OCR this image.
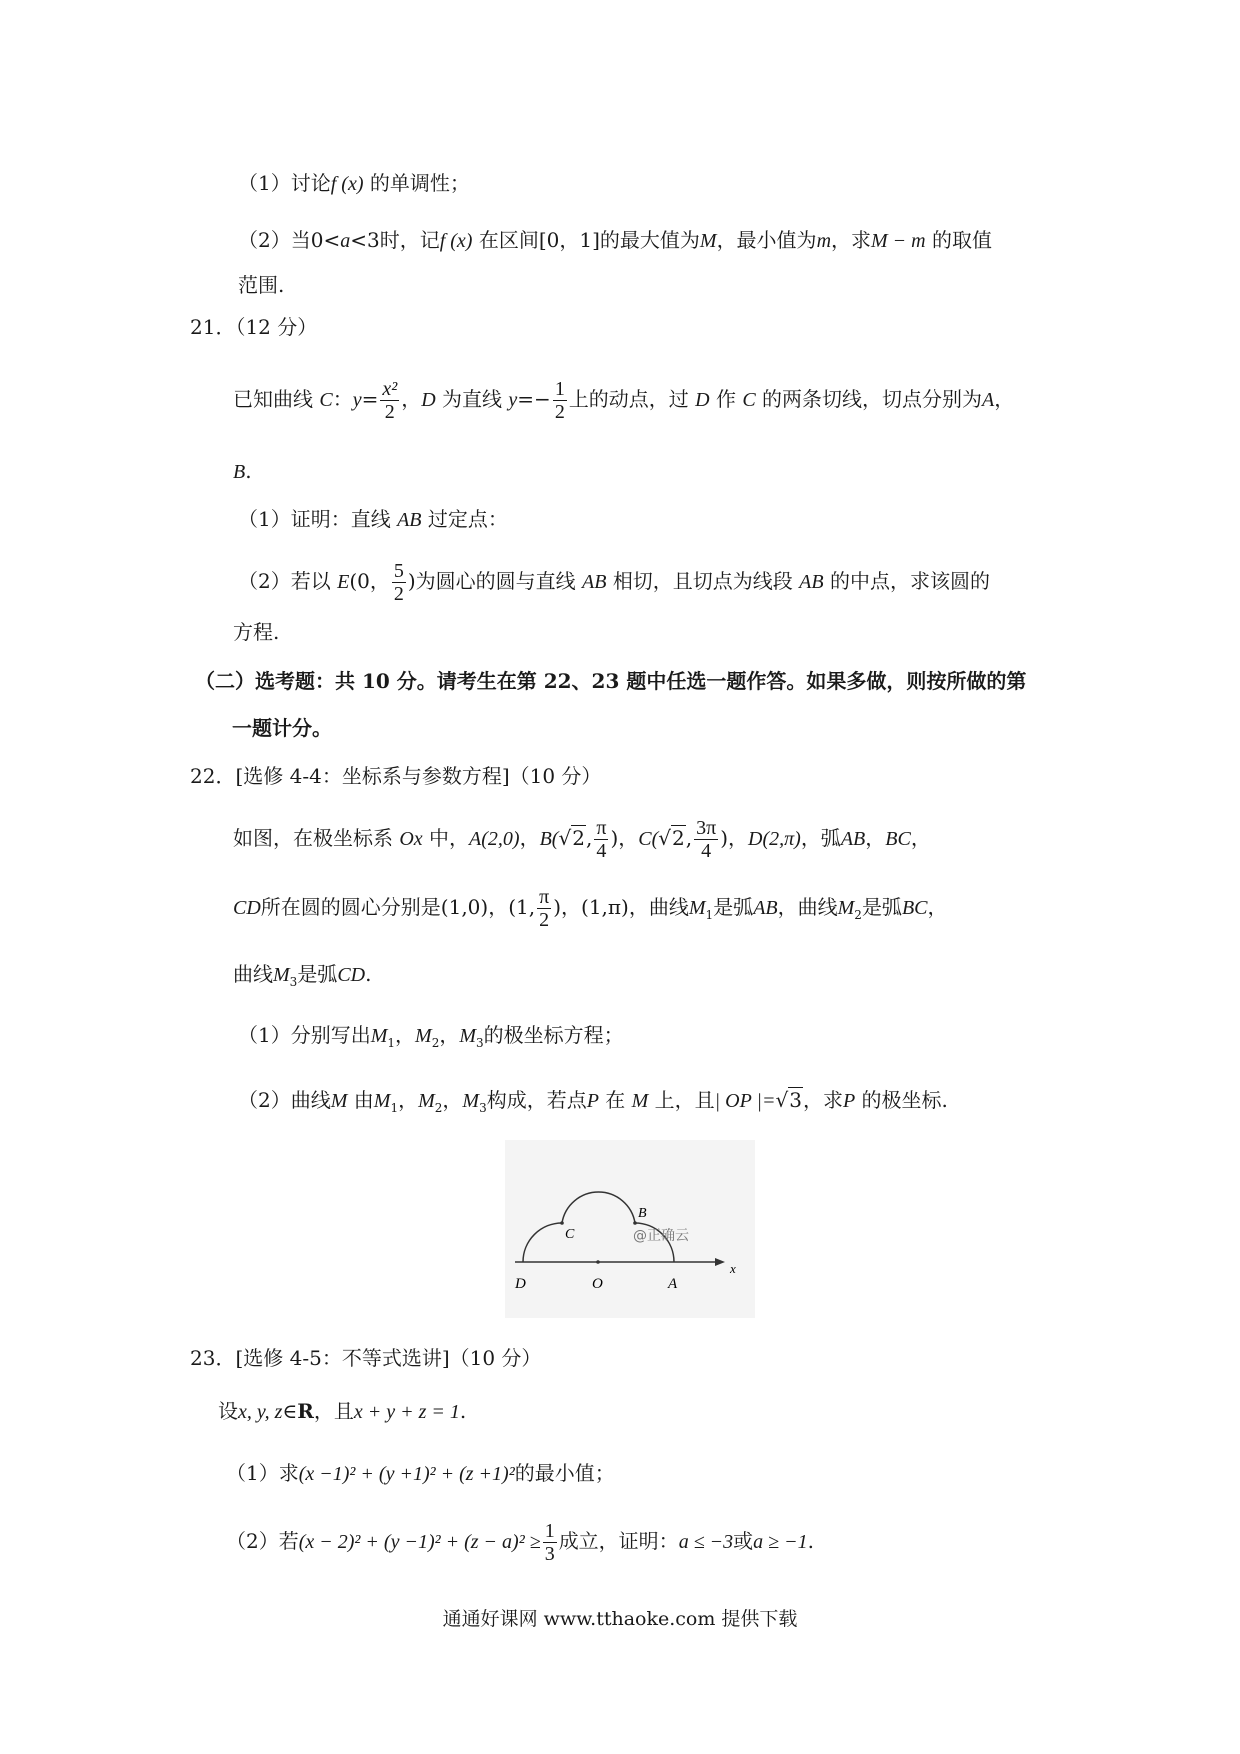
（1）讨论f (x) 的单调性；
（2）当0<a<3时，记f (x) 在区间[0，1]的最大值为M，最小值为m，求M − m 的取值
范围.
21．（12 分）
已知曲线 C：$y= \frac{\text{x²}}{2}$ ，D 为直线 $y=- \frac{1}{2}$ 上的动点，过 D 作 C 的两条切线，切点分别为A，
B.
（1）证明：直线 AB 过定点：
（2）若以 E(0， $\frac{5}{2}$ )为圆心的圆与直线 AB 相切，且切点为线段 AB 的中点，求该圆的
方程.
（二）选考题：共 10 分。请考生在第 22、23 题中任选一题作答。如果多做，则按所做的第
一题计分。
22．[选修 4-4：坐标系与参数方程]（10 分）
如图，在极坐标系 Ox 中，A(2,0)，B(√2, $\frac{\pi}{4}$ )，C(√2, $\frac{3\pi}{4}$ )，D(2,π)，弧AB，BC，
CD所在圆的圆心分别是(1,0)，(1, $\frac{\pi}{2}$ )，(1,π)，曲线$M_1$是弧AB，曲线$M_2$是弧BC，
曲线$M_3$是弧CD.
（1）分别写出$M_1$，$M_2$，$M_3$的极坐标方程；
（2）曲线M 由$M_1$，$M_2$，$M_3$构成，若点P 在 M 上，且| OP |=√3，求P 的极坐标.
D	O	A
x
B
C	@正确云
23．[选修 4-5：不等式选讲]（10 分）
设x, y, z∈R，且x + y + z = 1.
（1）求(x −1)² + (y +1)² + (z +1)²的最小值；
（2）若$(x - 2)^2 + (y -1)^2 + (z - a)^2 \ge \frac{1}{3}$ 成立，证明：a ≤ −3或a ≥ −1.
通通好课网 www.tthaoke.com 提供下载
